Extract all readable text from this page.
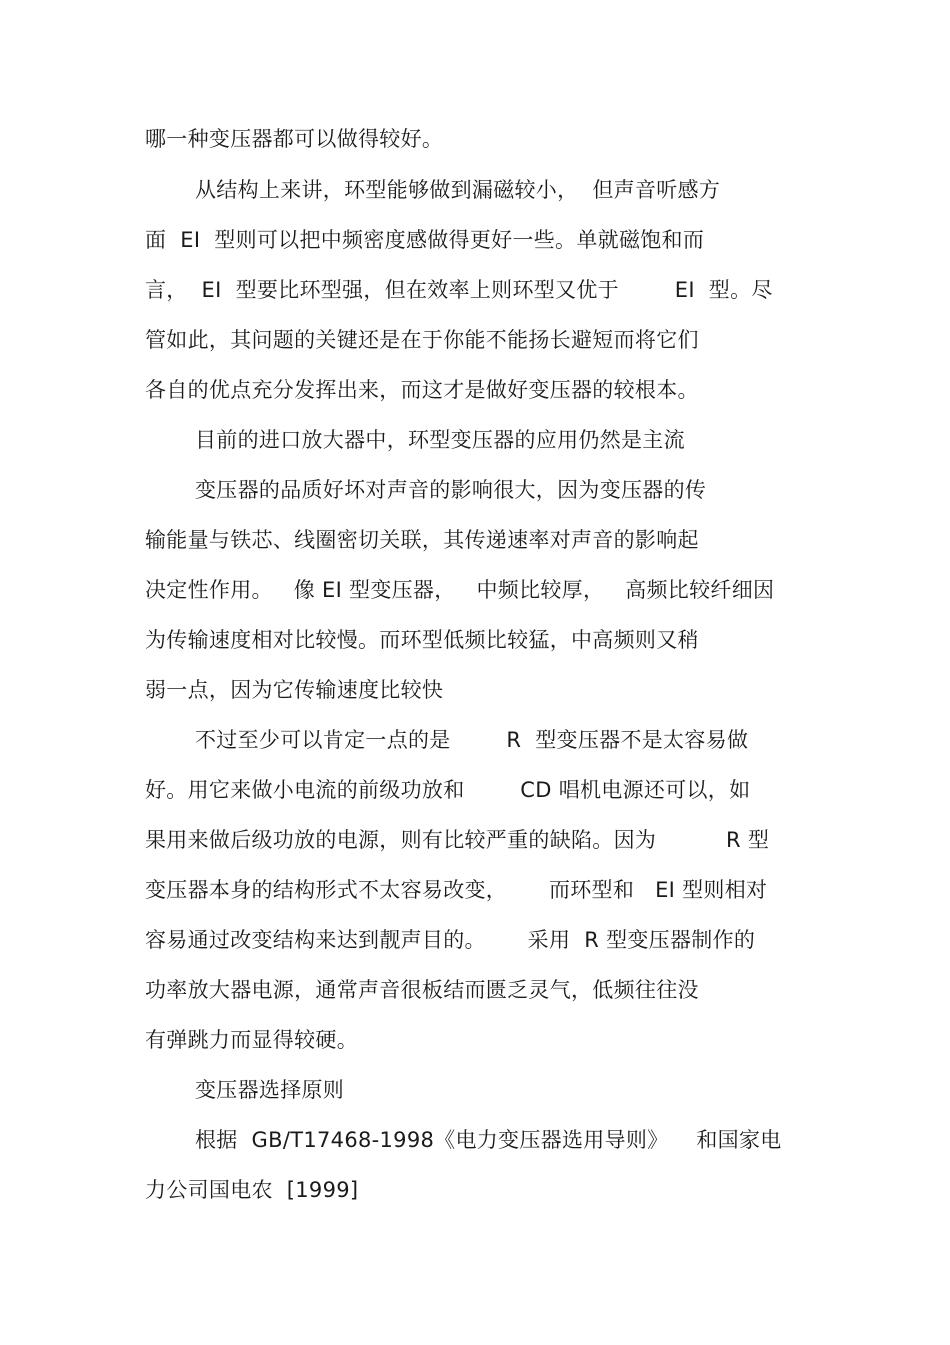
哪一种变压器都可以做得较好。
从结构上来讲，环型能够做到漏磁较小，  但声音听感方
面  EI  型则可以把中频密度感做得更好一些。单就磁饱和而
言，  EI  型要比环型强，但在效率上则环型又优于        EI  型。尽
管如此，其问题的关键还是在于你能不能扬长避短而将它们
各自的优点充分发挥出来，而这才是做好变压器的较根本。
目前的进口放大器中，环型变压器的应用仍然是主流
变压器的品质好坏对声音的影响很大，因为变压器的传
输能量与铁芯、线圈密切关联，其传递速率对声音的影响起
决定性作用。   像 EI 型变压器，   中频比较厚，   高频比较纤细因
为传输速度相对比较慢。而环型低频比较猛，中高频则又稍
弱一点，因为它传输速度比较快
不过至少可以肯定一点的是        R  型变压器不是太容易做
好。用它来做小电流的前级功放和        CD 唱机电源还可以，如
果用来做后级功放的电源，则有比较严重的缺陷。因为          R 型
变压器本身的结构形式不太容易改变，      而环型和   EI 型则相对
容易通过改变结构来达到靓声目的。      采用  R 型变压器制作的
功率放大器电源，通常声音很板结而匮乏灵气，低频往往没
有弹跳力而显得较硬。
变压器选择原则
根据  GB/T17468-1998《电力变压器选用导则》    和国家电
力公司国电农  [1999]
